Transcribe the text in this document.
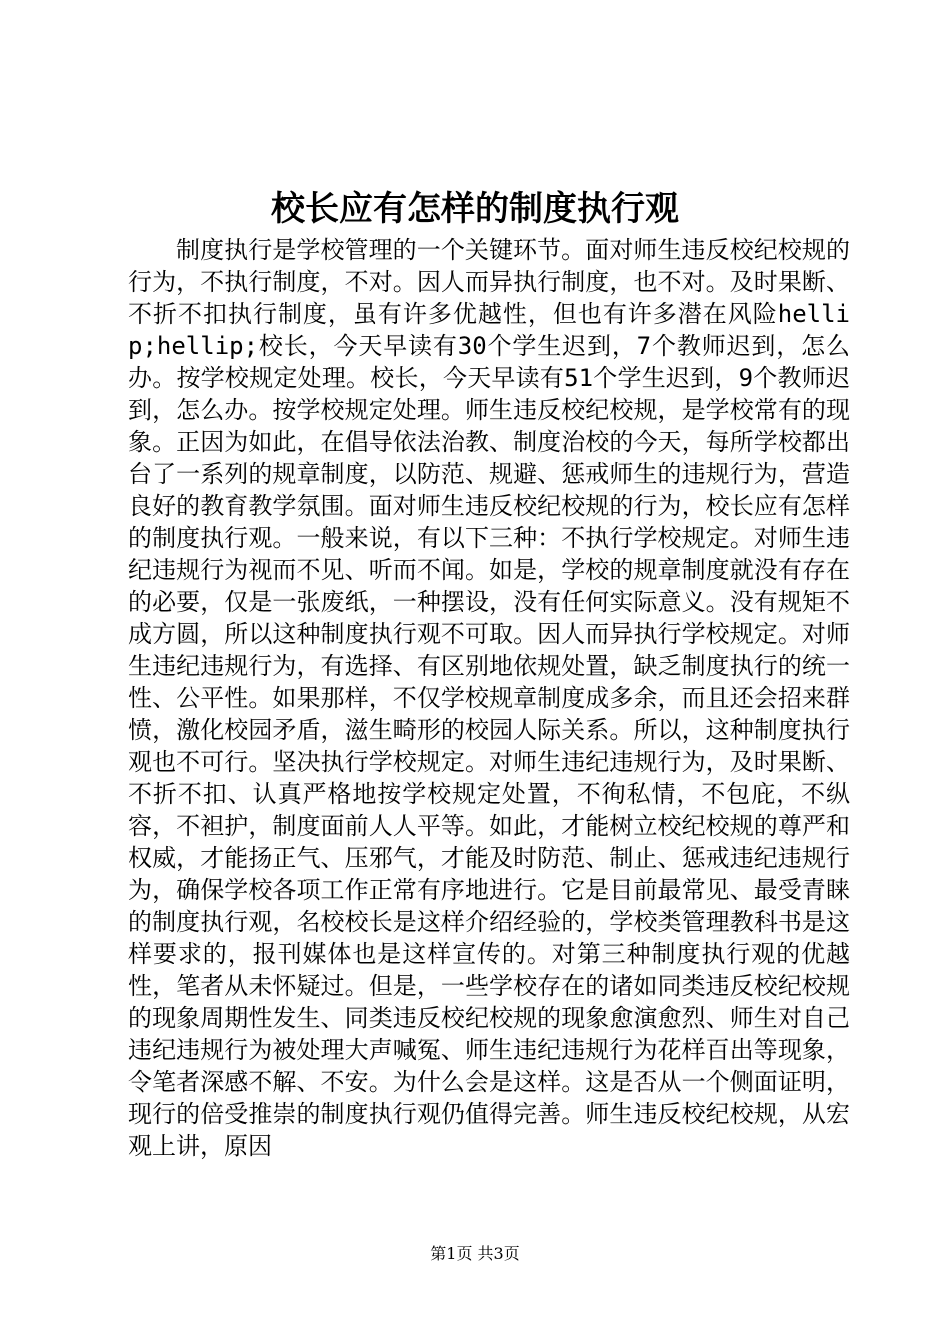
校长应有怎样的制度执行观

制度执行是学校管理的一个关键环节。面对师生违反校纪校规的行为，不执行制度，不对。因人而异执行制度，也不对。及时果断、不折不扣执行制度，虽有许多优越性，但也有许多潜在风险hellip;hellip;校长，今天早读有30个学生迟到，7个教师迟到，怎么办。按学校规定处理。校长，今天早读有51个学生迟到，9个教师迟到，怎么办。按学校规定处理。师生违反校纪校规，是学校常有的现象。正因为如此，在倡导依法治教、制度治校的今天，每所学校都出台了一系列的规章制度，以防范、规避、惩戒师生的违规行为，营造良好的教育教学氛围。面对师生违反校纪校规的行为，校长应有怎样的制度执行观。一般来说，有以下三种：不执行学校规定。对师生违纪违规行为视而不见、听而不闻。如是，学校的规章制度就没有存在的必要，仅是一张废纸，一种摆设，没有任何实际意义。没有规矩不成方圆，所以这种制度执行观不可取。因人而异执行学校规定。对师生违纪违规行为，有选择、有区别地依规处置，缺乏制度执行的统一性、公平性。如果那样，不仅学校规章制度成多余，而且还会招来群愤，激化校园矛盾，滋生畸形的校园人际关系。所以，这种制度执行观也不可行。坚决执行学校规定。对师生违纪违规行为，及时果断、不折不扣、认真严格地按学校规定处置，不徇私情，不包庇，不纵容，不袒护，制度面前人人平等。如此，才能树立校纪校规的尊严和权威，才能扬正气、压邪气，才能及时防范、制止、惩戒违纪违规行为，确保学校各项工作正常有序地进行。它是目前最常见、最受青睐的制度执行观，名校校长是这样介绍经验的，学校类管理教科书是这样要求的，报刊媒体也是这样宣传的。对第三种制度执行观的优越性，笔者从未怀疑过。但是，一些学校存在的诸如同类违反校纪校规的现象周期性发生、同类违反校纪校规的现象愈演愈烈、师生对自己违纪违规行为被处理大声喊冤、师生违纪违规行为花样百出等现象，令笔者深感不解、不安。为什么会是这样。这是否从一个侧面证明，现行的倍受推崇的制度执行观仍值得完善。师生违反校纪校规，从宏观上讲，原因

第1页 共3页
